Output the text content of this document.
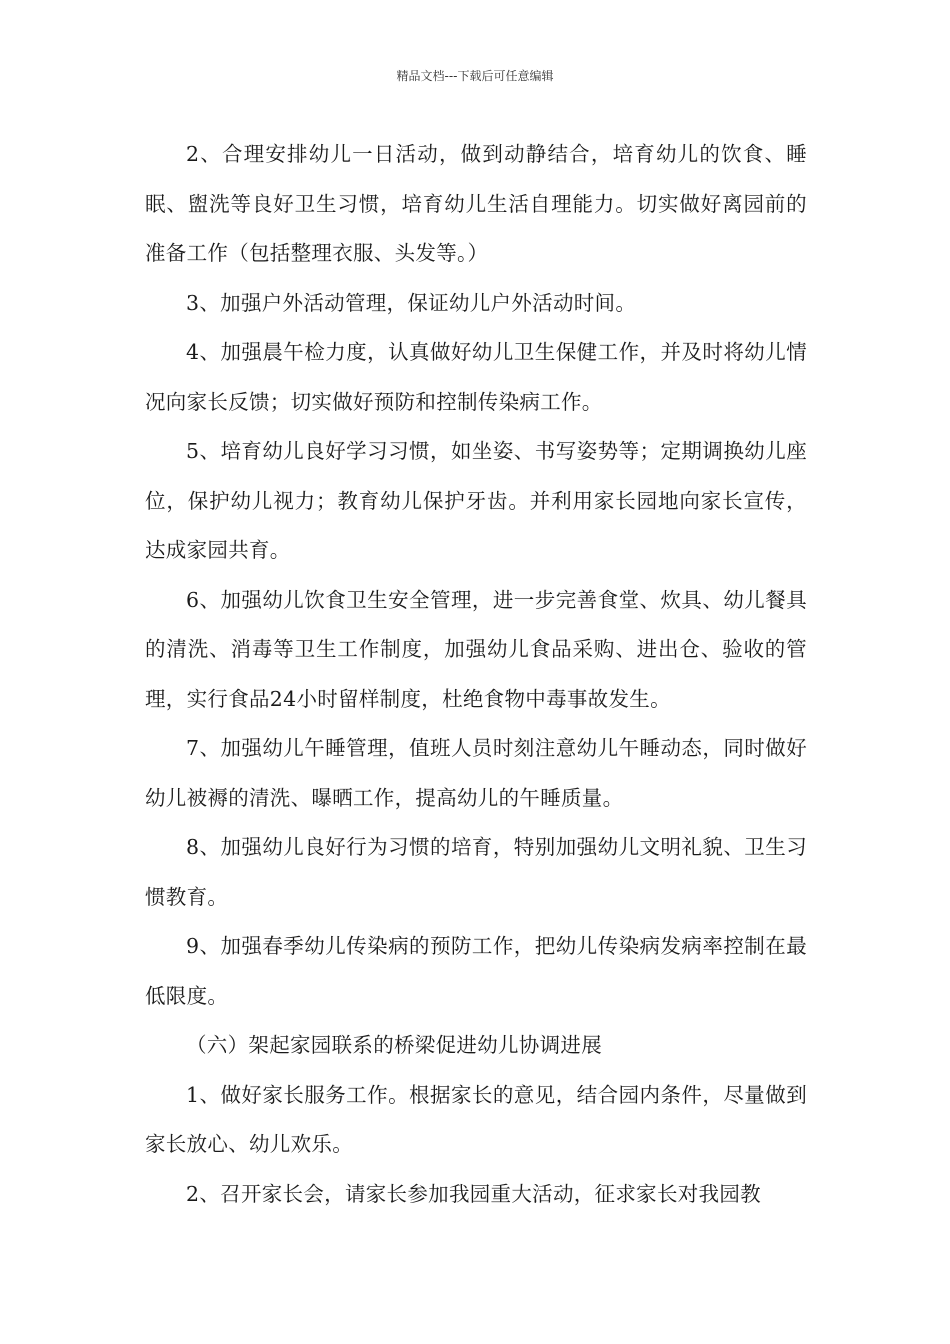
精品文档---下载后可任意编辑

2、合理安排幼儿一日活动，做到动静结合，培育幼儿的饮食、睡眠、盥洗等良好卫生习惯，培育幼儿生活自理能力。切实做好离园前的准备工作（包括整理衣服、头发等。）

3、加强户外活动管理，保证幼儿户外活动时间。

4、加强晨午检力度，认真做好幼儿卫生保健工作，并及时将幼儿情况向家长反馈；切实做好预防和控制传染病工作。

5、培育幼儿良好学习习惯，如坐姿、书写姿势等；定期调换幼儿座位，保护幼儿视力；教育幼儿保护牙齿。并利用家长园地向家长宣传，达成家园共育。

6、加强幼儿饮食卫生安全管理，进一步完善食堂、炊具、幼儿餐具的清洗、消毒等卫生工作制度，加强幼儿食品采购、进出仓、验收的管理，实行食品24小时留样制度，杜绝食物中毒事故发生。

7、加强幼儿午睡管理，值班人员时刻注意幼儿午睡动态，同时做好幼儿被褥的清洗、曝晒工作，提高幼儿的午睡质量。

8、加强幼儿良好行为习惯的培育，特别加强幼儿文明礼貌、卫生习惯教育。

9、加强春季幼儿传染病的预防工作，把幼儿传染病发病率控制在最低限度。

（六）架起家园联系的桥梁促进幼儿协调进展

1、做好家长服务工作。根据家长的意见，结合园内条件，尽量做到家长放心、幼儿欢乐。

2、召开家长会，请家长参加我园重大活动，征求家长对我园教
